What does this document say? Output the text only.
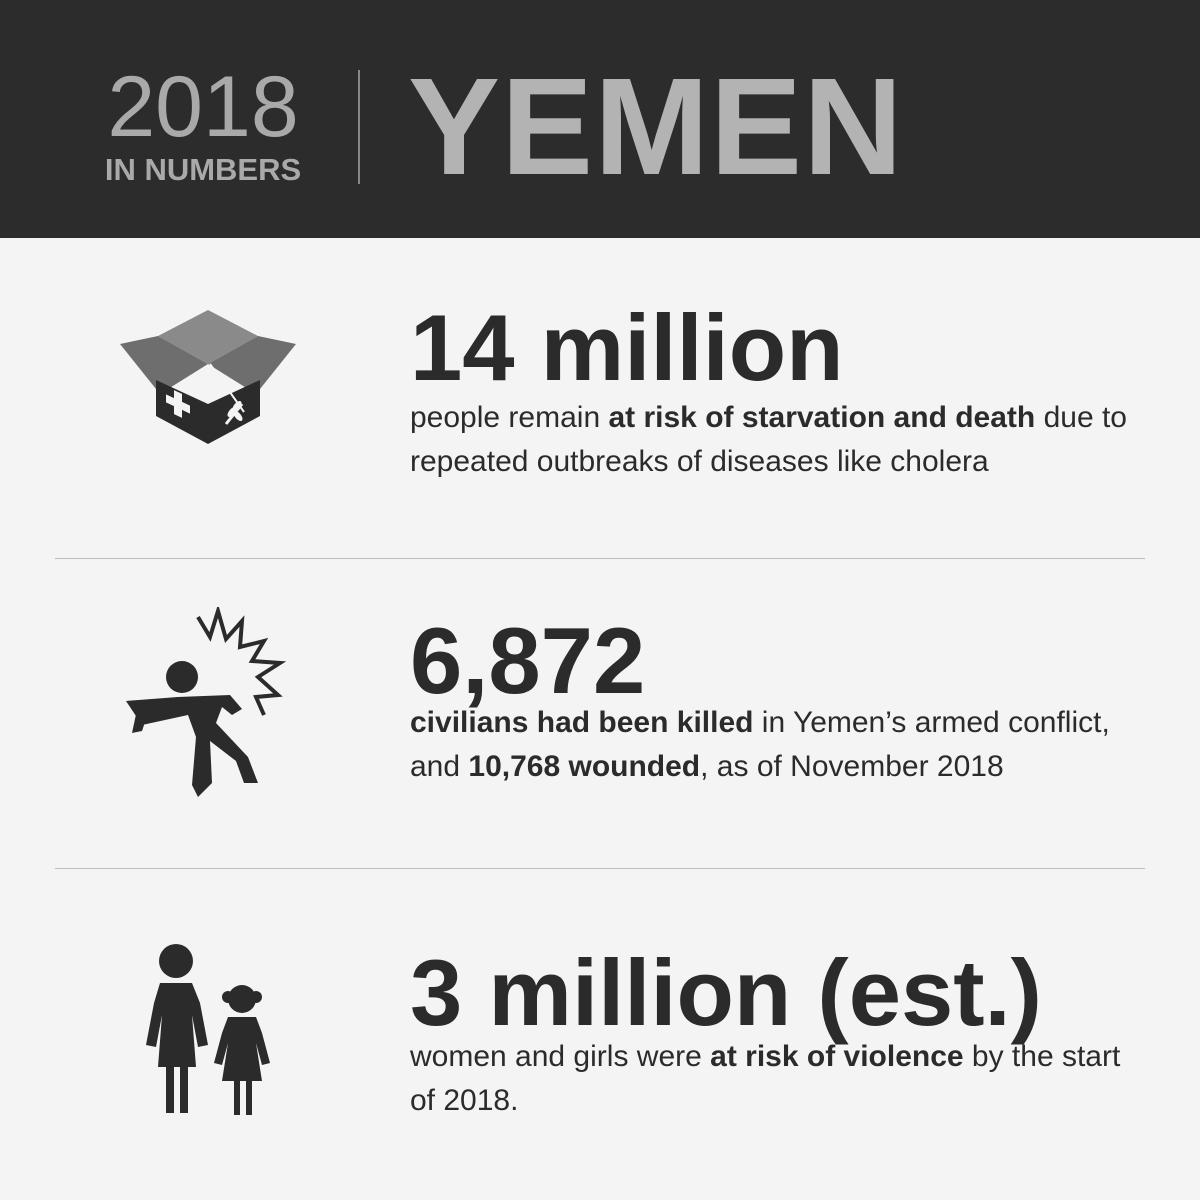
2018
IN NUMBERS YEMEN
14 million
people remain at risk of starvation and death due to repeated outbreaks of diseases like cholera
6,872
civilians had been killed in Yemen’s armed conflict, and 10,768 wounded, as of November 2018
3 million (est.)
women and girls were at risk of violence by the start of 2018.
